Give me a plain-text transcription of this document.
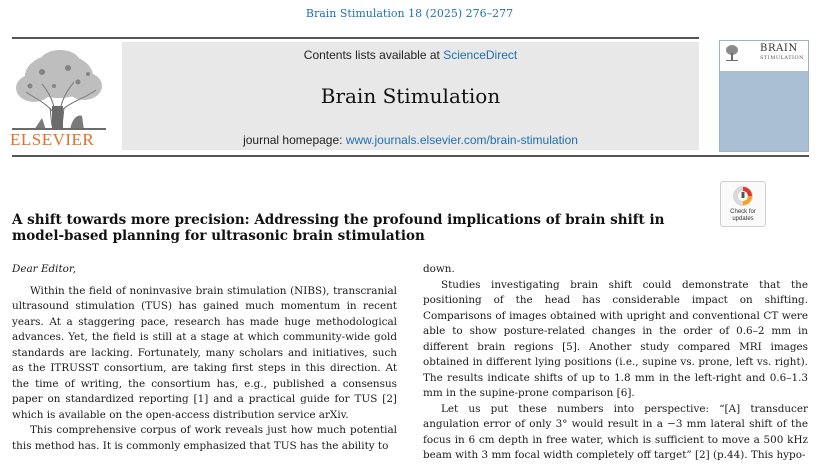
Brain Stimulation 18 (2025) 276–277
ELSEVIER
Contents lists available at ScienceDirect
Brain Stimulation
journal homepage: www.journals.elsevier.com/brain-stimulation
BRAIN
STIMULATION
Check for
updates
A shift towards more precision: Addressing the profound implications of brain shift in model-based planning for ultrasonic brain stimulation

Dear Editor,

Within the field of noninvasive brain stimulation (NIBS), transcranial ultrasound stimulation (TUS) has gained much momentum in recent years. At a staggering pace, research has made huge methodological advances. Yet, the field is still at a stage at which community-wide gold standards are lacking. Fortunately, many scholars and initiatives, such as the ITRUSST consortium, are taking first steps in this direction. At the time of writing, the consortium has, e.g., published a consensus paper on standardized reporting [1] and a practical guide for TUS [2] which is available on the open-access distribution service arXiv.

This comprehensive corpus of work reveals just how much potential this method has. It is commonly emphasized that TUS has the ability to

down.

Studies investigating brain shift could demonstrate that the positioning of the head has considerable impact on shifting. Comparisons of images obtained with upright and conventional CT were able to show posture-related changes in the order of 0.6–2 mm in different brain regions [5]. Another study compared MRI images obtained in different lying positions (i.e., supine vs. prone, left vs. right). The results indicate shifts of up to 1.8 mm in the left-right and 0.6–1.3 mm in the supine-prone comparison [6].

Let us put these numbers into perspective: “[A] transducer angulation error of only 3° would result in a −3 mm lateral shift of the focus in 6 cm depth in free water, which is sufficient to move a 500 kHz beam with 3 mm focal width completely off target” [2] (p.44). This hypo-
